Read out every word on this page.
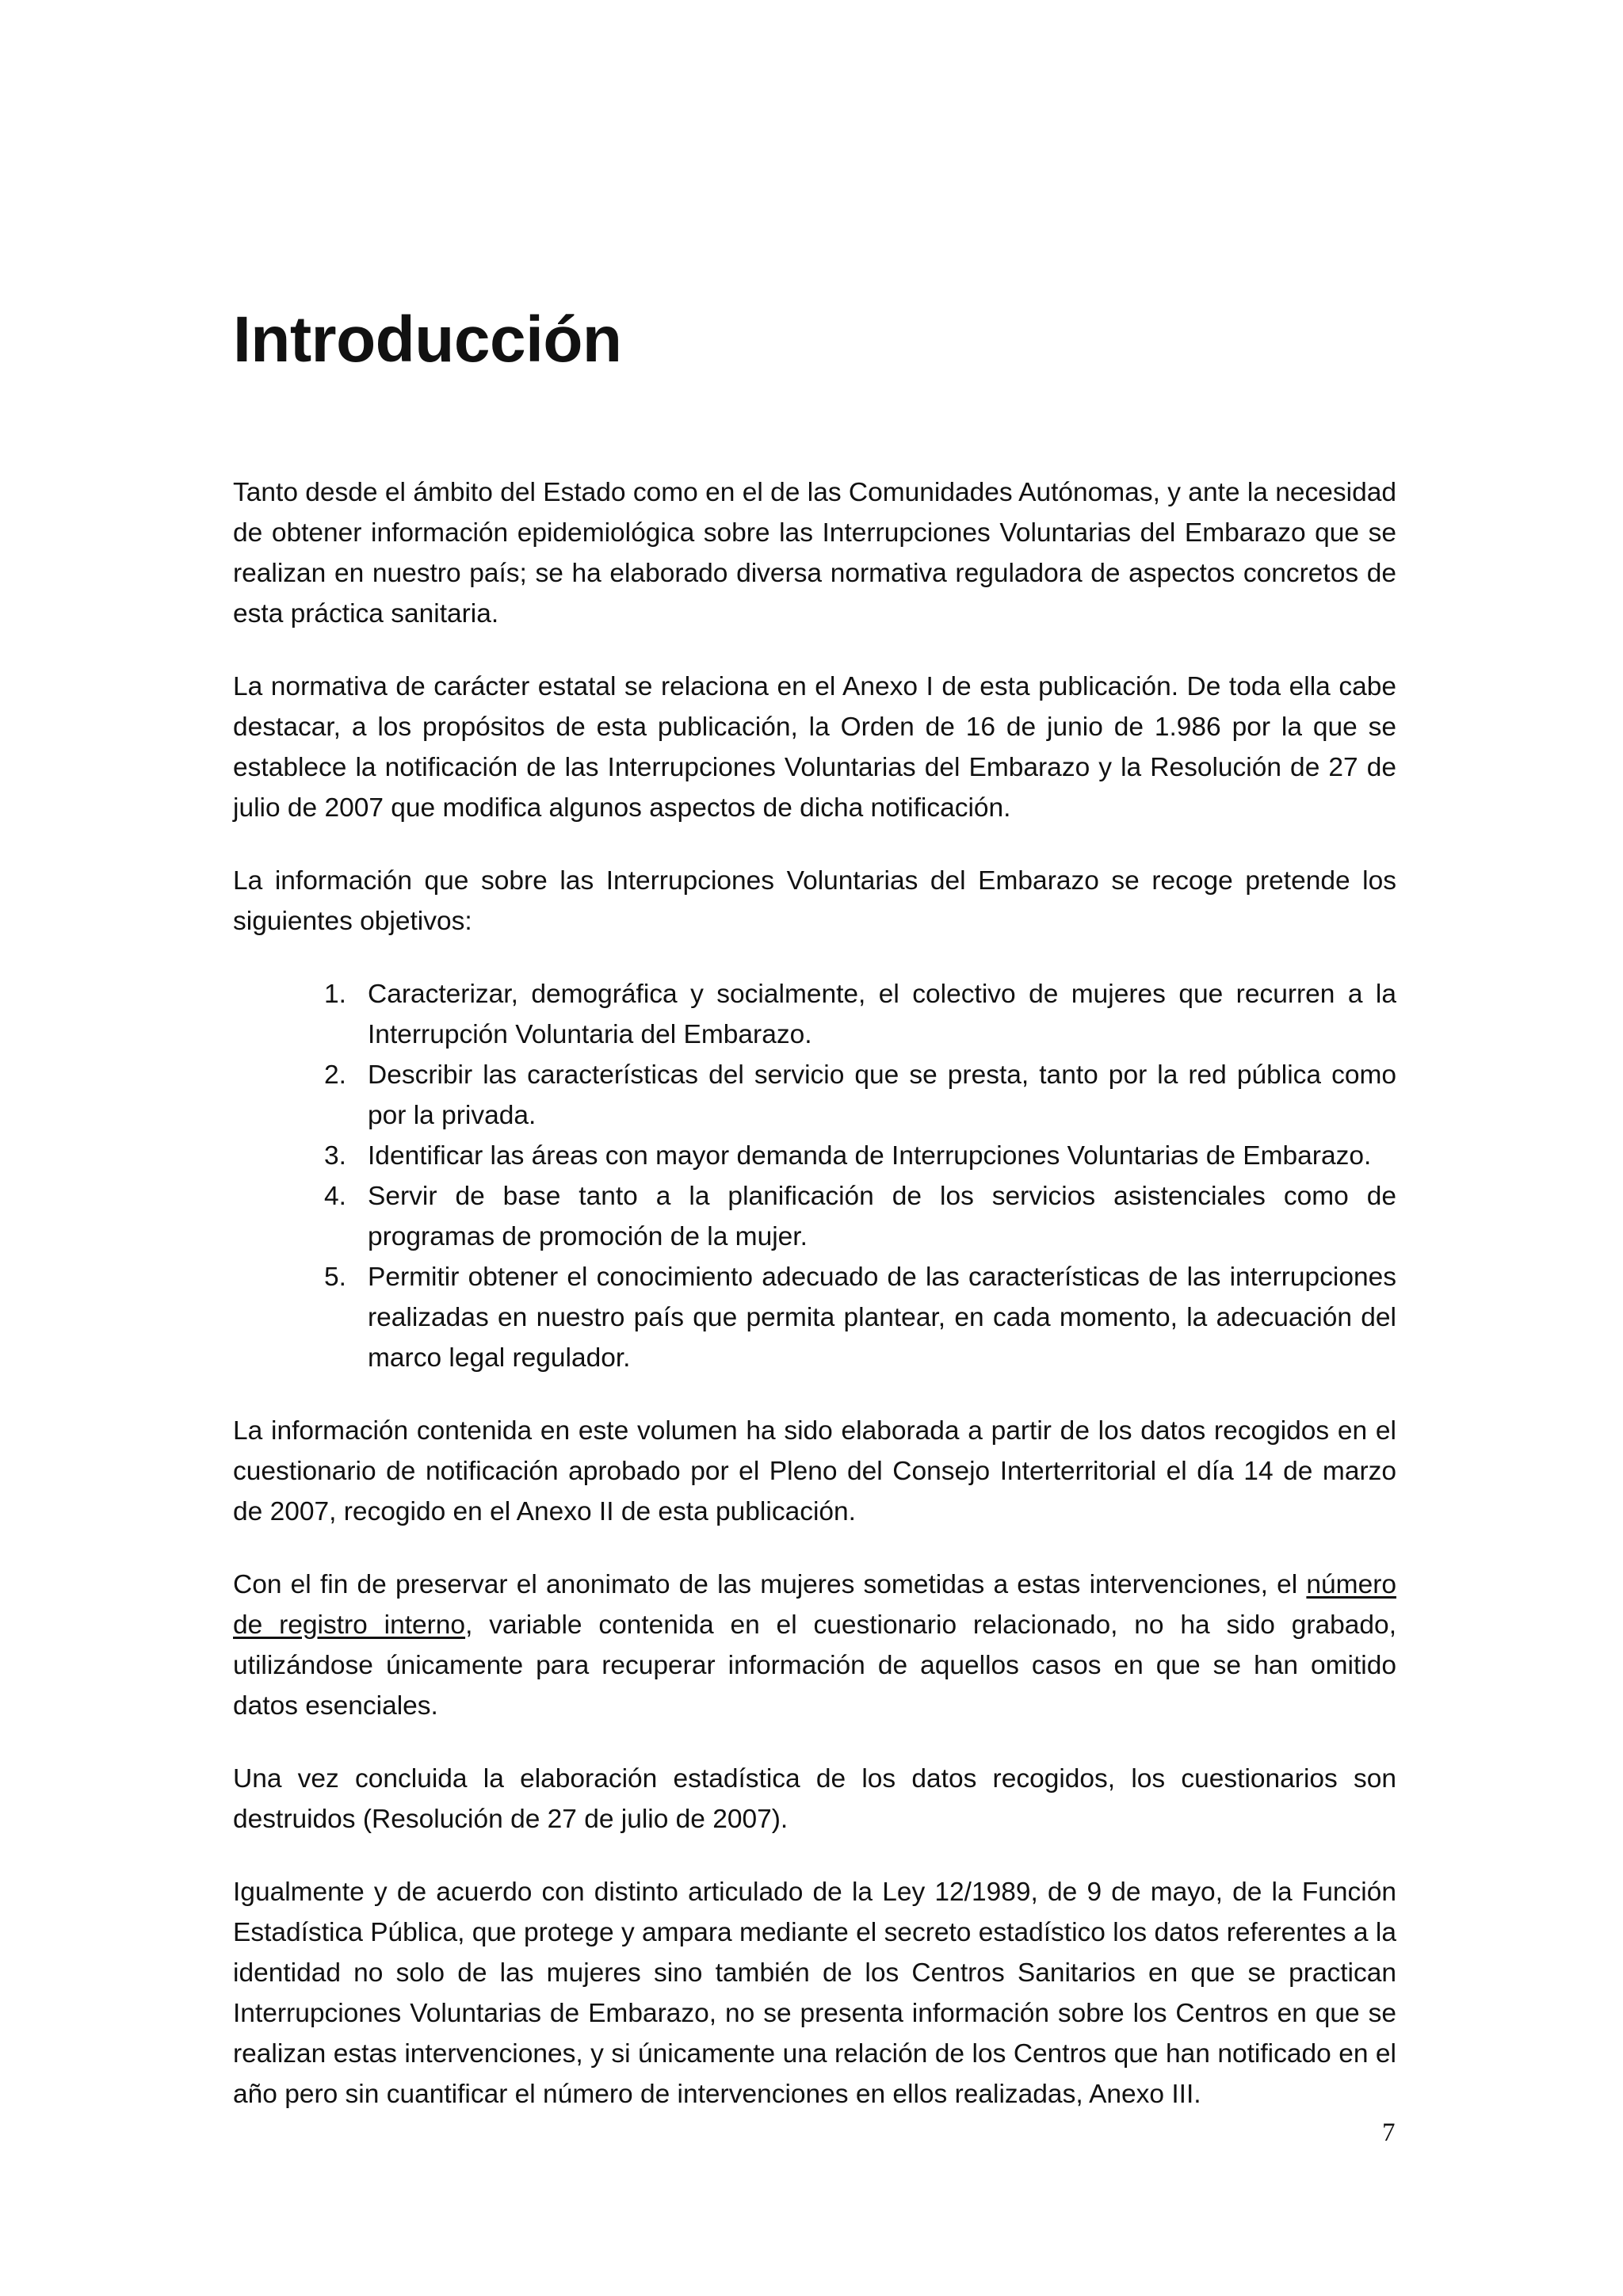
Introducción

Tanto desde el ámbito del Estado como en el de las Comunidades Autónomas, y ante la necesidad de obtener información epidemiológica sobre las Interrupciones Voluntarias del Embarazo que se realizan en nuestro país; se ha elaborado diversa normativa reguladora de aspectos concretos de esta práctica sanitaria.

La normativa de carácter estatal se relaciona en el Anexo I de esta publicación. De toda ella cabe destacar, a los propósitos de esta publicación, la Orden de 16 de junio de 1.986 por la que se establece la notificación de las Interrupciones Voluntarias del Embarazo y la Resolución de 27 de julio de 2007 que modifica algunos aspectos de dicha notificación.

La información que sobre las Interrupciones Voluntarias del Embarazo se recoge pretende los siguientes objetivos:

1. Caracterizar, demográfica y socialmente, el colectivo de mujeres que recurren a la Interrupción Voluntaria del Embarazo.
2. Describir las características del servicio que se presta, tanto por la red pública como por la privada.
3. Identificar las áreas con mayor demanda de Interrupciones Voluntarias de Embarazo.
4. Servir de base tanto a la planificación de los servicios asistenciales como de programas de promoción de la mujer.
5. Permitir obtener el conocimiento adecuado de las características de las interrupciones realizadas en nuestro país que permita plantear, en cada momento, la adecuación del marco legal regulador.

La información contenida en este volumen ha sido elaborada a partir de los datos recogidos en el cuestionario de notificación aprobado por el Pleno del Consejo Interterritorial el día 14 de marzo de 2007, recogido en el Anexo II de esta publicación.

Con el fin de preservar el anonimato de las mujeres sometidas a estas intervenciones, el número de registro interno, variable contenida en el cuestionario relacionado, no ha sido grabado, utilizándose únicamente para recuperar información de aquellos casos en que se han omitido datos esenciales.

Una vez concluida la elaboración estadística de los datos recogidos, los cuestionarios son destruidos (Resolución de 27 de julio de 2007).

Igualmente y de acuerdo con distinto articulado de la Ley 12/1989, de 9 de mayo, de la Función Estadística Pública, que protege y ampara mediante el secreto estadístico los datos referentes a la identidad no solo de las mujeres sino también de los Centros Sanitarios en que se practican Interrupciones Voluntarias de Embarazo, no se presenta información sobre los Centros en que se realizan estas intervenciones, y si únicamente una relación de los Centros que han notificado en el año pero sin cuantificar el número de intervenciones en ellos realizadas, Anexo III.

7
